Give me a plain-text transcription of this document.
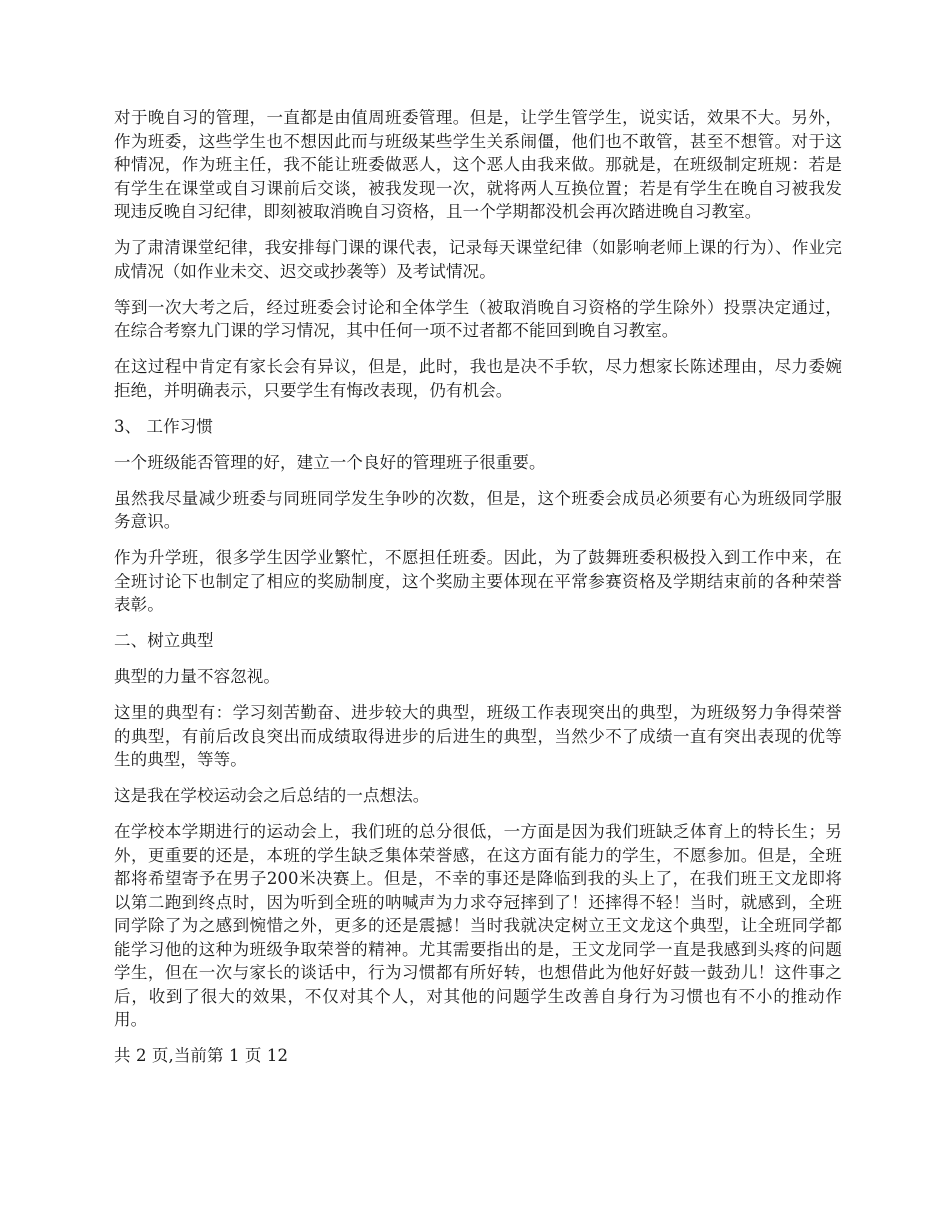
对于晚自习的管理，一直都是由值周班委管理。但是，让学生管学生，说实话，效果不大。另外，作为班委，这些学生也不想因此而与班级某些学生关系闹僵，他们也不敢管，甚至不想管。对于这种情况，作为班主任，我不能让班委做恶人，这个恶人由我来做。那就是，在班级制定班规：若是有学生在课堂或自习课前后交谈，被我发现一次，就将两人互换位置；若是有学生在晚自习被我发现违反晚自习纪律，即刻被取消晚自习资格，且一个学期都没机会再次踏进晚自习教室。

为了肃清课堂纪律，我安排每门课的课代表，记录每天课堂纪律（如影响老师上课的行为）、作业完成情况（如作业未交、迟交或抄袭等）及考试情况。

等到一次大考之后，经过班委会讨论和全体学生（被取消晚自习资格的学生除外）投票决定通过，在综合考察九门课的学习情况，其中任何一项不过者都不能回到晚自习教室。

在这过程中肯定有家长会有异议，但是，此时，我也是决不手软，尽力想家长陈述理由，尽力委婉拒绝，并明确表示，只要学生有悔改表现，仍有机会。

3、 工作习惯

一个班级能否管理的好，建立一个良好的管理班子很重要。

虽然我尽量减少班委与同班同学发生争吵的次数，但是，这个班委会成员必须要有心为班级同学服务意识。

作为升学班，很多学生因学业繁忙，不愿担任班委。因此，为了鼓舞班委积极投入到工作中来，在全班讨论下也制定了相应的奖励制度，这个奖励主要体现在平常参赛资格及学期结束前的各种荣誉表彰。

二、树立典型

典型的力量不容忽视。

这里的典型有：学习刻苦勤奋、进步较大的典型，班级工作表现突出的典型，为班级努力争得荣誉的典型，有前后改良突出而成绩取得进步的后进生的典型，当然少不了成绩一直有突出表现的优等生的典型，等等。

这是我在学校运动会之后总结的一点想法。

在学校本学期进行的运动会上，我们班的总分很低，一方面是因为我们班缺乏体育上的特长生；另外，更重要的还是，本班的学生缺乏集体荣誉感，在这方面有能力的学生，不愿参加。但是，全班都将希望寄予在男子200米决赛上。但是，不幸的事还是降临到我的头上了，在我们班王文龙即将以第二跑到终点时，因为听到全班的呐喊声为力求夺冠摔到了！还摔得不轻！当时，就感到，全班同学除了为之感到惋惜之外，更多的还是震撼！当时我就决定树立王文龙这个典型，让全班同学都能学习他的这种为班级争取荣誉的精神。尤其需要指出的是，王文龙同学一直是我感到头疼的问题学生，但在一次与家长的谈话中，行为习惯都有所好转，也想借此为他好好鼓一鼓劲儿！这件事之后，收到了很大的效果，不仅对其个人，对其他的问题学生改善自身行为习惯也有不小的推动作用。

共 2 页,当前第 1 页 12
